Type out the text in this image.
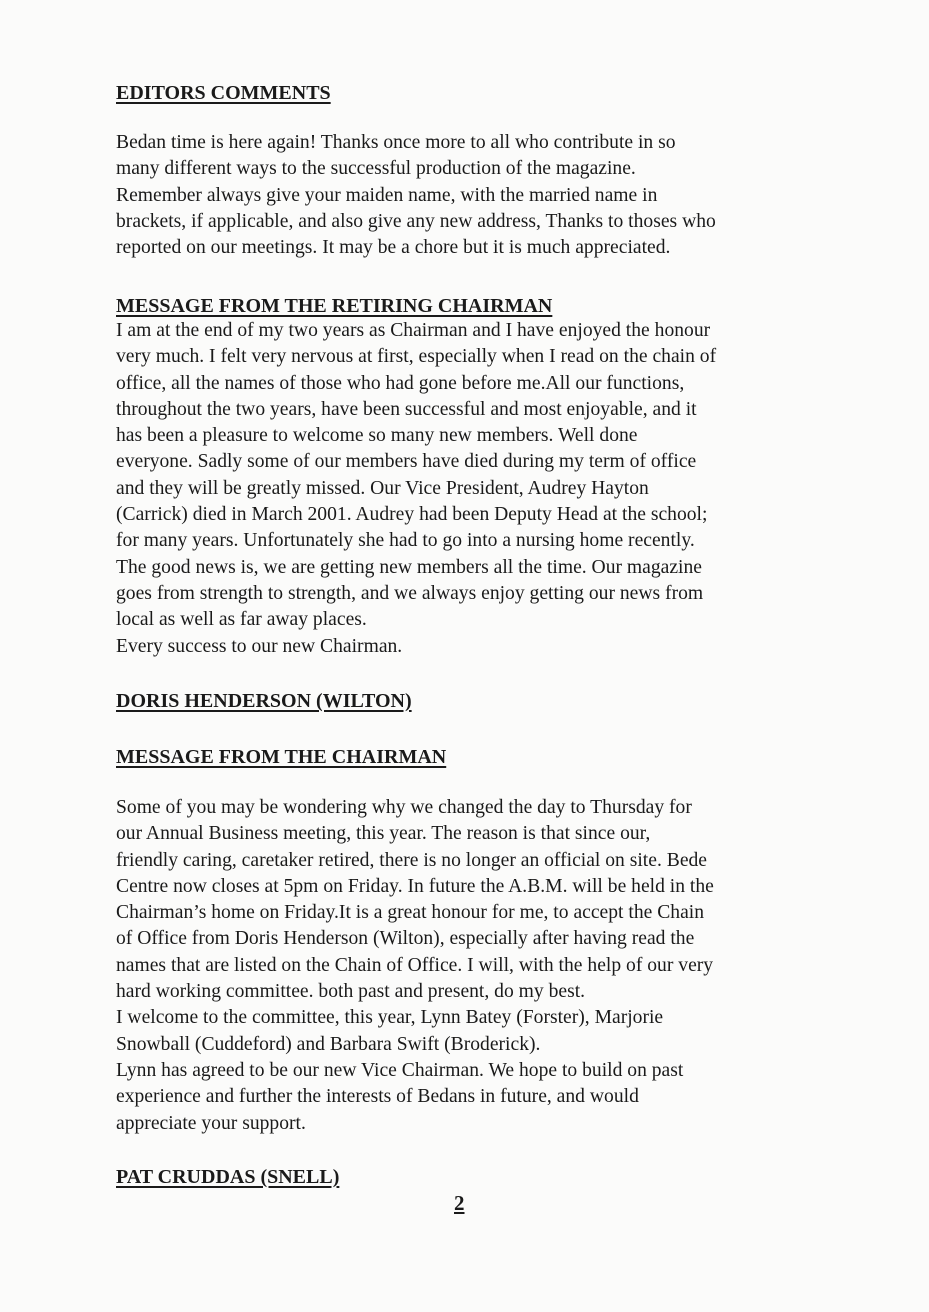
EDITORS COMMENTS

Bedan time is here again! Thanks once more to all who contribute in so
many different ways to the successful production of the magazine.
Remember always give your maiden name, with the married name in
brackets, if applicable, and also give any new address, Thanks to thoses who
reported on our meetings. It may be a chore but it is much appreciated.

MESSAGE FROM THE RETIRING CHAIRMAN

I am at the end of my two years as Chairman and I have enjoyed the honour
very much. I felt very nervous at first, especially when I read on the chain of
office, all the names of those who had gone before me.All our functions,
throughout the two years, have been successful and most enjoyable, and it
has been a pleasure to welcome so many new members. Well done
everyone. Sadly some of our members have died during my term of office
and they will be greatly missed. Our Vice President, Audrey Hayton
(Carrick) died in March 2001. Audrey had been Deputy Head at the school;
for many years. Unfortunately she had to go into a nursing home recently.
The good news is, we are getting new members all the time. Our magazine
goes from strength to strength, and we always enjoy getting our news from
local as well as far away places.
Every success to our new Chairman.

DORIS HENDERSON (WILTON)

MESSAGE FROM THE CHAIRMAN

Some of you may be wondering why we changed the day to Thursday for
our Annual Business meeting, this year. The reason is that since our,
friendly caring, caretaker retired, there is no longer an official on site. Bede
Centre now closes at 5pm on Friday. In future the A.B.M. will be held in the
Chairman’s home on Friday.It is a great honour for me, to accept the Chain
of Office from Doris Henderson (Wilton), especially after having read the
names that are listed on the Chain of Office. I will, with the help of our very
hard working committee. both past and present, do my best.
I welcome to the committee, this year, Lynn Batey (Forster), Marjorie
Snowball (Cuddeford) and Barbara Swift (Broderick).
Lynn has agreed to be our new Vice Chairman. We hope to build on past
experience and further the interests of Bedans in future, and would
appreciate your support.

PAT CRUDDAS (SNELL)

2
